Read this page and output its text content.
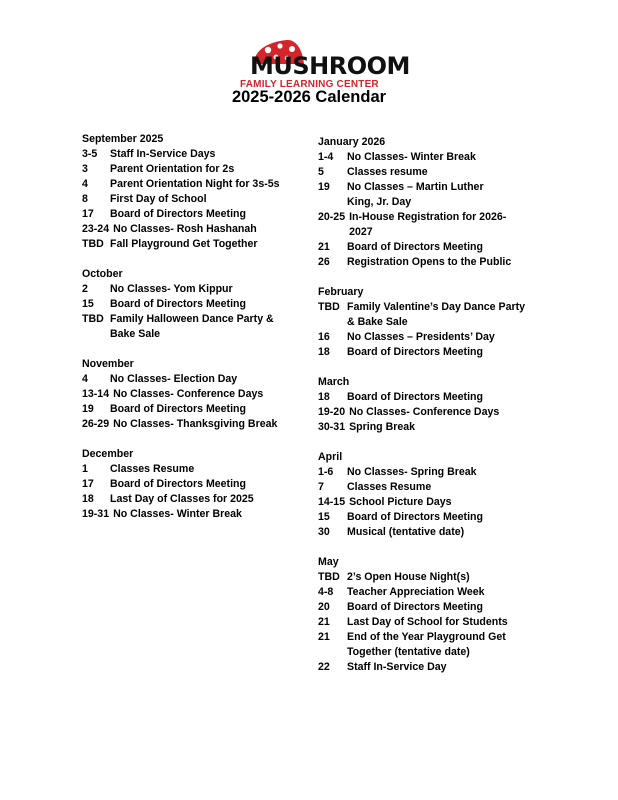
MUSHROOM
FAMILY LEARNING CENTER
2025-2026 Calendar
September 2025
3-5	Staff In-Service Days
3	Parent Orientation for 2s
4	Parent Orientation Night for 3s-5s
8	First Day of School
17	Board of Directors Meeting
23-24 No Classes- Rosh Hashanah
TBD Fall Playground Get Together
October
2	No Classes- Yom Kippur
15	Board of Directors Meeting
TBD Family Halloween Dance Party &
Bake Sale
November
4	No Classes- Election Day
13-14 No Classes- Conference Days
19	Board of Directors Meeting
26-29 No Classes- Thanksgiving Break
December
1	Classes Resume
17	Board of Directors Meeting
18	Last Day of Classes for 2025
19-31 No Classes- Winter Break
January 2026
1-4	No Classes- Winter Break
5	Classes resume
19	No Classes – Martin Luther
King, Jr. Day
20-25 In-House Registration for 2026-
2027
21	Board of Directors Meeting
26	Registration Opens to the Public
February
TBD Family Valentine’s Day Dance Party
& Bake Sale
16	No Classes – Presidents’ Day
18	Board of Directors Meeting
March
18	Board of Directors Meeting
19-20 No Classes- Conference Days
30-31 Spring Break
April
1-6	No Classes- Spring Break
7	Classes Resume
14-15 School Picture Days
15	Board of Directors Meeting
30	Musical (tentative date)
May
TBD 2’s Open House Night(s)
4-8	Teacher Appreciation Week
20	Board of Directors Meeting
21	Last Day of School for Students
21	End of the Year Playground Get
Together (tentative date)
22	Staff In-Service Day
